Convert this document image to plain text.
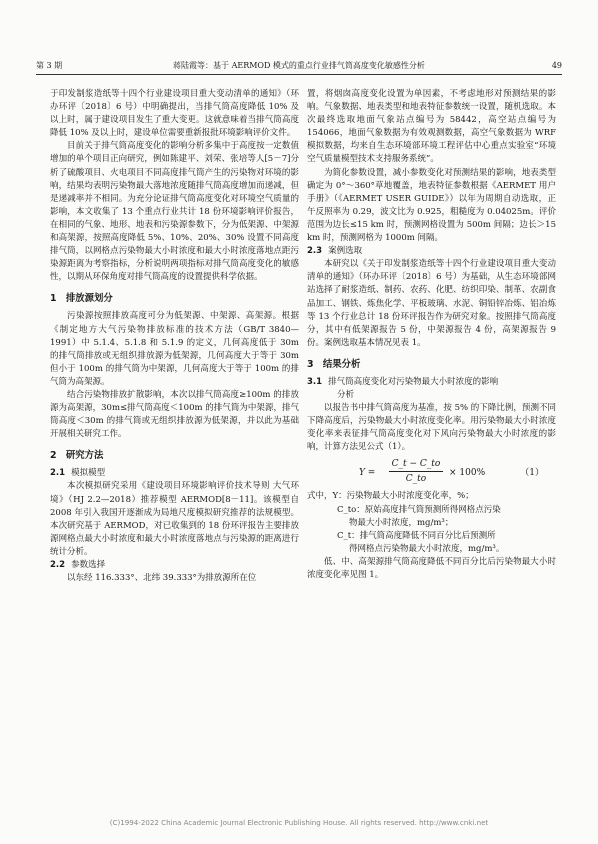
第 3 期	蒋陆霞等：基于 AERMOD 模式的重点行业排气筒高度变化敏感性分析	49

于印发制浆造纸等十四个行业建设项目重大变动清单的通知》（环办环评〔2018〕6 号）中明确提出，当排气筒高度降低 10% 及以上时，属于建设项目发生了重大变更。这就意味着当排气筒高度降低 10% 及以上时，建设单位需要重新报批环境影响评价文件。

目前关于排气筒高度变化的影响分析多集中于高度按一定数值增加的单个项目正向研究，例如陈建平、刘荣、张培等人[5－7]分析了硫酸项目、火电项目不同高度排气筒产生的污染物对环境的影响，结果均表明污染物最大落地浓度随排气筒高度增加而递减，但是递减率并不相同。为充分论证排气筒高度变化对环境空气质量的影响，本文收集了 13 个重点行业共计 18 份环境影响评价报告，在相同的气象、地形、地表和污染源参数下，分为低架源、中架源和高架源，按照高度降低 5%、10%、20%、30% 设置不同高度排气筒，以网格点污染物最大小时浓度和最大小时浓度落地点距污染源距离为考察指标，分析说明两项指标对排气筒高度变化的敏感性，以期从环保角度对排气筒高度的设置提供科学依据。

1　排放源划分

污染源按照排放高度可分为低架源、中架源、高架源。根据《制定地方大气污染物排放标准的技术方法（GB/T 3840—1991）中 5.1.4、5.1.8 和 5.1.9 的定义，几何高度低于 30m 的排气筒排放或无组织排放源为低架源，几何高度大于等于 30m 但小于 100m 的排气筒为中架源，几何高度大于等于 100m 的排气筒为高架源。

结合污染物排放扩散影响，本次以排气筒高度≥100m 的排放源为高架源，30m≤排气筒高度＜100m 的排气筒为中架源，排气筒高度＜30m 的排气筒或无组织排放源为低架源，并以此为基础开展相关研究工作。

2　研究方法
2.1 模拟模型

本次模拟研究采用《建设项目环境影响评价技术导则 大气环境》（HJ 2.2—2018）推荐模型 AERMOD[8－11]。该模型自 2008 年引入我国开逐渐成为局地尺度模拟研究推荐的法规模型。本次研究基于 AERMOD，对已收集到的 18 份环评报告主要排放源网格点最大小时浓度和最大小时浓度落地点与污染源的距离进行统计分析。

2.2 参数选择

以东经 116.333°、北纬 39.333°为排放源所在位

置，将烟囱高度变化设置为单因素，不考虑地形对预测结果的影响。气象数据、地表类型和地表特征参数统一设置，随机选取。本次最终选取地面气象站点编号为 58442，高空站点编号为 154066，地面气象数据为有效观测数据，高空气象数据为 WRF 模拟数据，均来自生态环境部环境工程评估中心重点实验室“环境空气质量模型技术支持服务系统”。

为简化参数设置，减小参数变化对预测结果的影响，地表类型确定为 0°～360°草地覆盖，地表特征参数根据《AERMET 用户手册》（《AERMET USER GUIDE》）以年为周期自动选取，正午反照率为 0.29，波文比为 0.925，粗糙度为 0.04025m。评价范围为边长≤15 km 时，预测网格设置为 500m 间隔；边长＞15 km 时，预测网格为 1000m 间隔。

2.3 案例选取

本研究以《关于印发制浆造纸等十四个行业建设项目重大变动清单的通知》（环办环评〔2018〕6 号）为基础，从生态环境部网站选择了耐浆造纸、制药、农药、化肥、纺织印染、制革、农副食品加工、钢铁、炼焦化学、平板玻璃、水泥、铜铅锌冶炼、铝冶炼等 13 个行业总计 18 份环评报告作为研究对象。按照排气筒高度分，其中有低架源报告 5 份，中架源报告 4 份，高架源报告 9 份。案例选取基本情况见表 1。

3　结果分析
3.1 排气筒高度变化对污染物最大小时浓度的影响
分析

以报告书中排气筒高度为基准，按 5% 的下降比例，预测不同下降高度后，污染物最大小时浓度变化率。用污染物最大小时浓度变化率来表征排气筒高度变化对下风向污染物最大小时浓度的影响，计算方法见公式（1）。

$Y = \frac{C\_t - C\_to}{C\_to} \times 100\%$	（1）
式中，Y：污染物最大小时浓度变化率，%；
C_to：原始高度排气筒预测所得网格点污染
物最大小时浓度，mg/m³；
C_t：排气筒高度降低不同百分比后预测所
得网格点污染物最大小时浓度，mg/m³。

低、中、高架源排气筒高度降低不同百分比后污染物最大小时浓度变化率见图 1。

(C)1994-2022 China Academic Journal Electronic Publishing House. All rights reserved. http://www.cnki.net
